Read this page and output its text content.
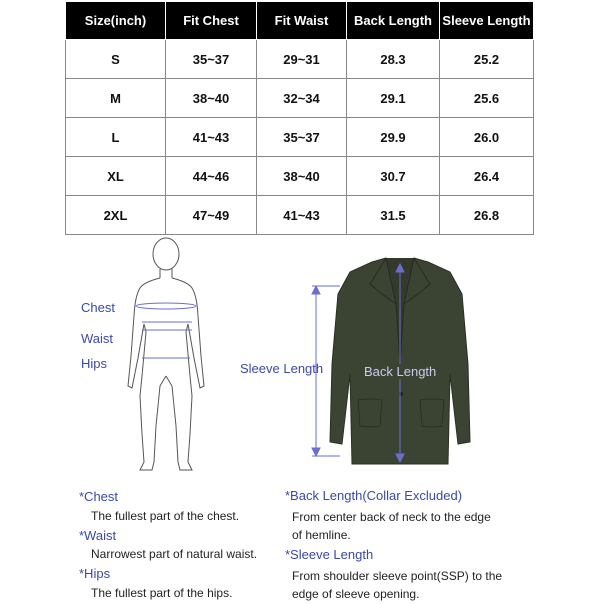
Size(inch)	Fit Chest	Fit Waist	Back Length	Sleeve Length
S	35~37	29~31	28.3	25.2
M	38~40	32~34	29.1	25.6
L	41~43	35~37	29.9	26.0
XL	44~46	38~40	30.7	26.4
2XL	47~49	41~43	31.5	26.8
Chest
Waist
Hips	Sleeve Length	Back Length
*Chest
The fullest part of the chest.
*Waist
Narrowest part of natural waist.
*Hips
The fullest part of the hips.
*Back Length(Collar Excluded)
From center back of neck to the edge
of hemline.
*Sleeve Length
From shoulder sleeve point(SSP) to the
edge of sleeve opening.
